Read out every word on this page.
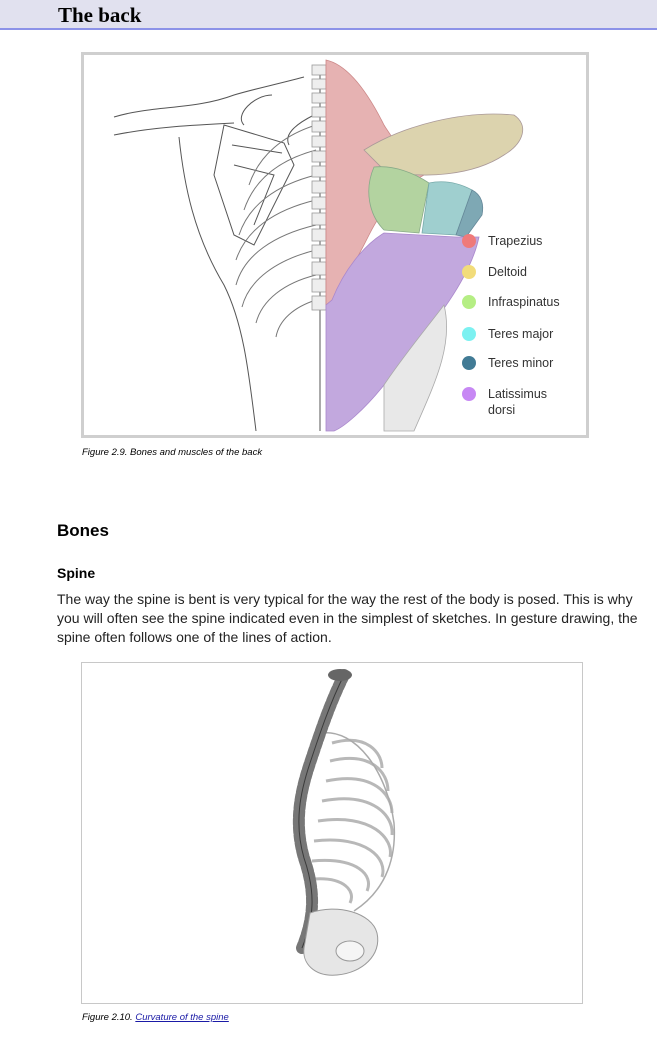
The back
Trapezius
Deltoid
Infraspinatus
Teres major
Teres minor
Latissimus dorsi
Figure 2.9. Bones and muscles of the back
Bones
Spine

The way the spine is bent is very typical for the way the rest of the body is posed. This is why you will often see the spine indicated even in the simplest of sketches. In gesture drawing, the spine often follows one of the lines of action.

Figure 2.10. Curvature of the spine
